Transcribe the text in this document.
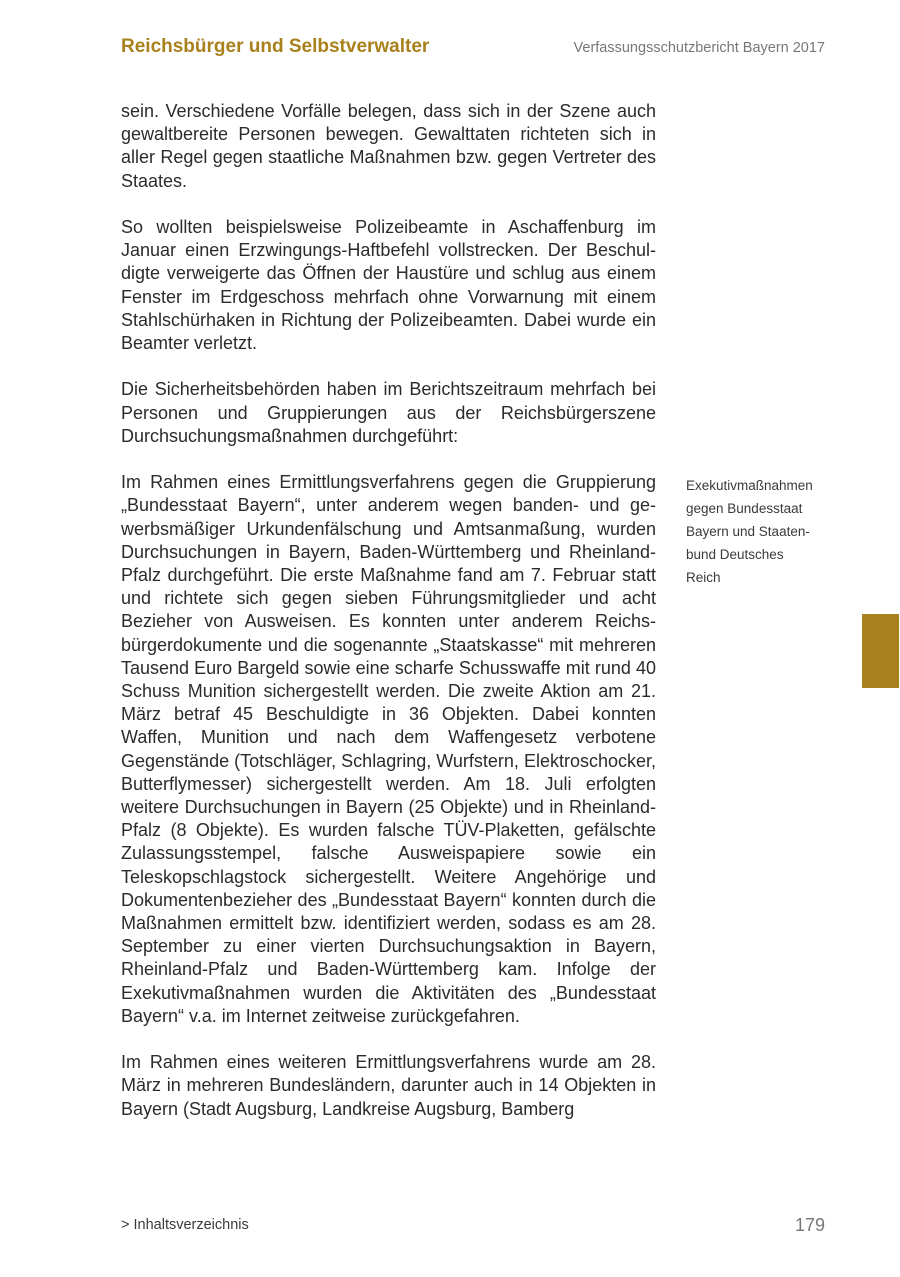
Reichsbürger und Selbstverwalter	Verfassungsschutzbericht Bayern 2017

sein. Verschiedene Vorfälle belegen, dass sich in der Szene auch gewaltbereite Personen bewegen. Gewalttaten richteten sich in aller Regel gegen staatliche Maßnahmen bzw. gegen Vertreter des Staates.

So wollten beispielsweise Polizeibeamte in Aschaffenburg im Januar einen Erzwingungs-Haftbefehl vollstrecken. Der Beschuldigte verweigerte das Öffnen der Haustüre und schlug aus einem Fenster im Erdgeschoss mehrfach ohne Vorwarnung mit einem Stahlschürhaken in Richtung der Polizeibeamten. Dabei wurde ein Beamter verletzt.

Die Sicherheitsbehörden haben im Berichtszeitraum mehrfach bei Personen und Gruppierungen aus der Reichsbürgerszene Durchsuchungsmaßnahmen durchgeführt:

Im Rahmen eines Ermittlungsverfahrens gegen die Gruppierung „Bundesstaat Bayern“, unter anderem wegen banden- und gewerbsmäßiger Urkundenfälschung und Amtsanmaßung, wurden Durchsuchungen in Bayern, Baden-Württemberg und Rheinland-Pfalz durchgeführt. Die erste Maßnahme fand am 7. Februar statt und richtete sich gegen sieben Führungsmitglieder und acht Bezieher von Ausweisen. Es konnten unter anderem Reichsbürgerdokumente und die sogenannte „Staatskasse“ mit mehreren Tausend Euro Bargeld sowie eine scharfe Schusswaffe mit rund 40 Schuss Munition sichergestellt werden. Die zweite Aktion am 21. März betraf 45 Beschuldigte in 36 Objekten. Dabei konnten Waffen, Munition und nach dem Waffengesetz verbotene Gegenstände (Totschläger, Schlagring, Wurfstern, Elektroschocker, Butterflymesser) sichergestellt werden. Am 18. Juli erfolgten weitere Durchsuchungen in Bayern (25 Objekte) und in Rheinland-Pfalz (8 Objekte). Es wurden falsche TÜV-Plaketten, gefälschte Zulassungsstempel, falsche Ausweispapiere sowie ein Teleskopschlagstock sichergestellt. Weitere Angehörige und Dokumentenbezieher des „Bundesstaat Bayern“ konnten durch die Maßnahmen ermittelt bzw. identifiziert werden, sodass es am 28. September zu einer vierten Durchsuchungsaktion in Bayern, Rheinland-Pfalz und Baden-Württemberg kam. Infolge der Exekutivmaßnahmen wurden die Aktivitäten des „Bundesstaat Bayern“ v.a. im Internet zeitweise zurückgefahren.

Im Rahmen eines weiteren Ermittlungsverfahrens wurde am 28. März in mehreren Bundesländern, darunter auch in 14 Objekten in Bayern (Stadt Augsburg, Landkreise Augsburg, Bamberg

Exekutivmaßnahmen
gegen Bundesstaat
Bayern und Staaten-
bund Deutsches
Reich
> Inhaltsverzeichnis	179
